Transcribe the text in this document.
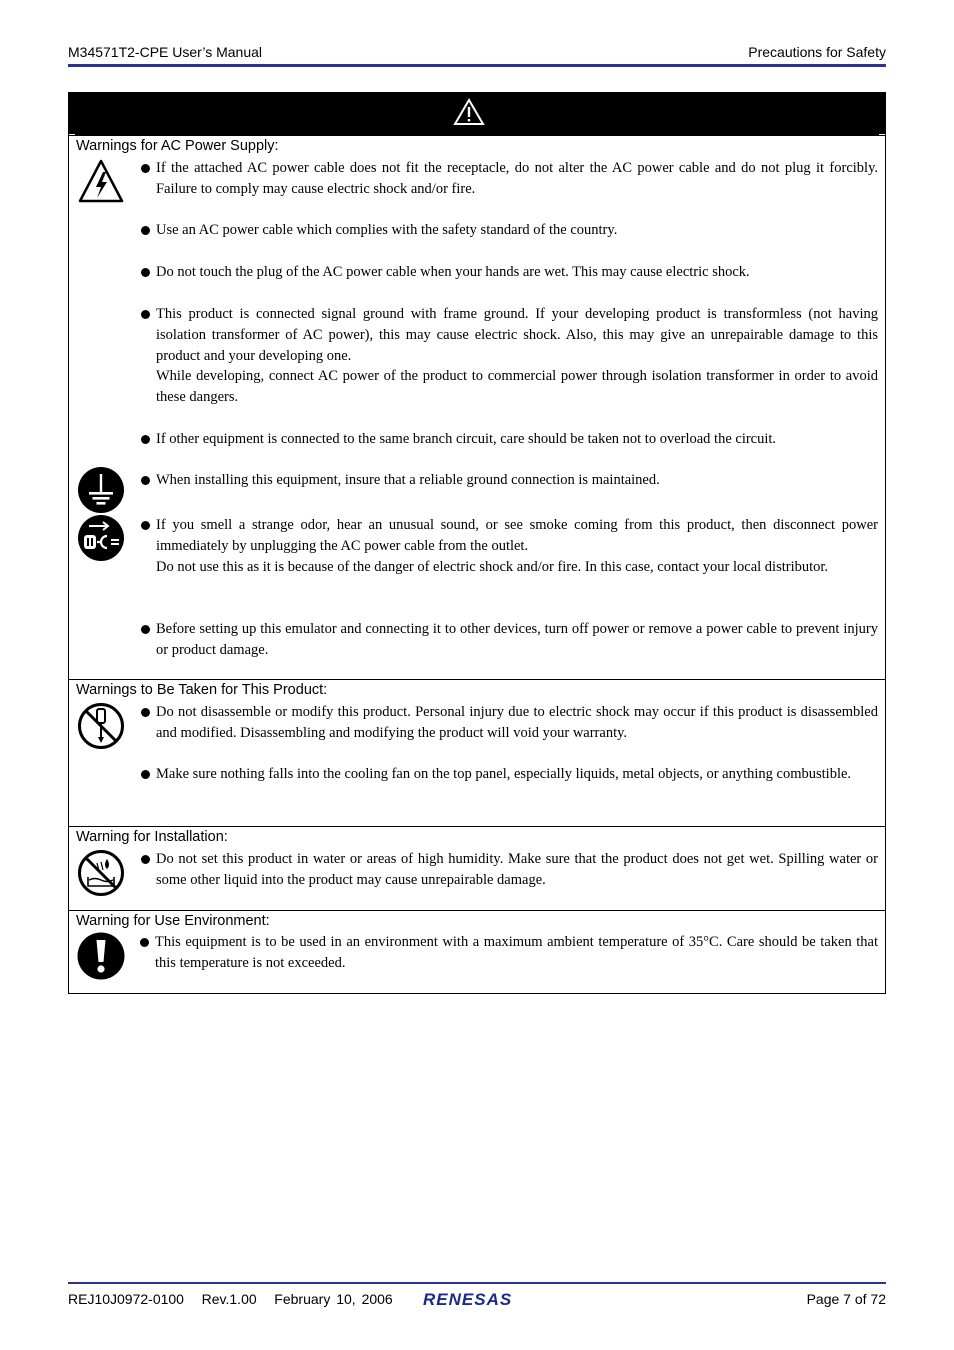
M34571T2-CPE User’s Manual	Precautions for Safety
Warnings for AC Power Supply:

If the attached AC power cable does not fit the receptacle, do not alter the AC power cable and do not plug it forcibly. Failure to comply may cause electric shock and/or fire.

Use an AC power cable which complies with the safety standard of the country.

Do not touch the plug of the AC power cable when your hands are wet. This may cause electric shock.

This product is connected signal ground with frame ground. If your developing product is transformless (not having isolation transformer of AC power), this may cause electric shock. Also, this may give an unrepairable damage to this product and your developing one.

While developing, connect AC power of the product to commercial power through isolation transformer in order to avoid these dangers.

If other equipment is connected to the same branch circuit, care should be taken not to overload the circuit.

When installing this equipment, insure that a reliable ground connection is maintained.

If you smell a strange odor, hear an unusual sound, or see smoke coming from this product, then disconnect power immediately by unplugging the AC power cable from the outlet.

Do not use this as it is because of the danger of electric shock and/or fire. In this case, contact your local distributor.

Before setting up this emulator and connecting it to other devices, turn off power or remove a power cable to prevent injury or product damage.

Warnings to Be Taken for This Product:

Do not disassemble or modify this product. Personal injury due to electric shock may occur if this product is disassembled and modified. Disassembling and modifying the product will void your warranty.

Make sure nothing falls into the cooling fan on the top panel, especially liquids, metal objects, or anything combustible.

Warning for Installation:

Do not set this product in water or areas of high humidity. Make sure that the product does not get wet. Spilling water or some other liquid into the product may cause unrepairable damage.

Warning for Use Environment:

This equipment is to be used in an environment with a maximum ambient temperature of 35°C. Care should be taken that this temperature is not exceeded.

REJ10J0972-0100   Rev.1.00   February 10, 2006 RENESAS	Page 7 of 72
